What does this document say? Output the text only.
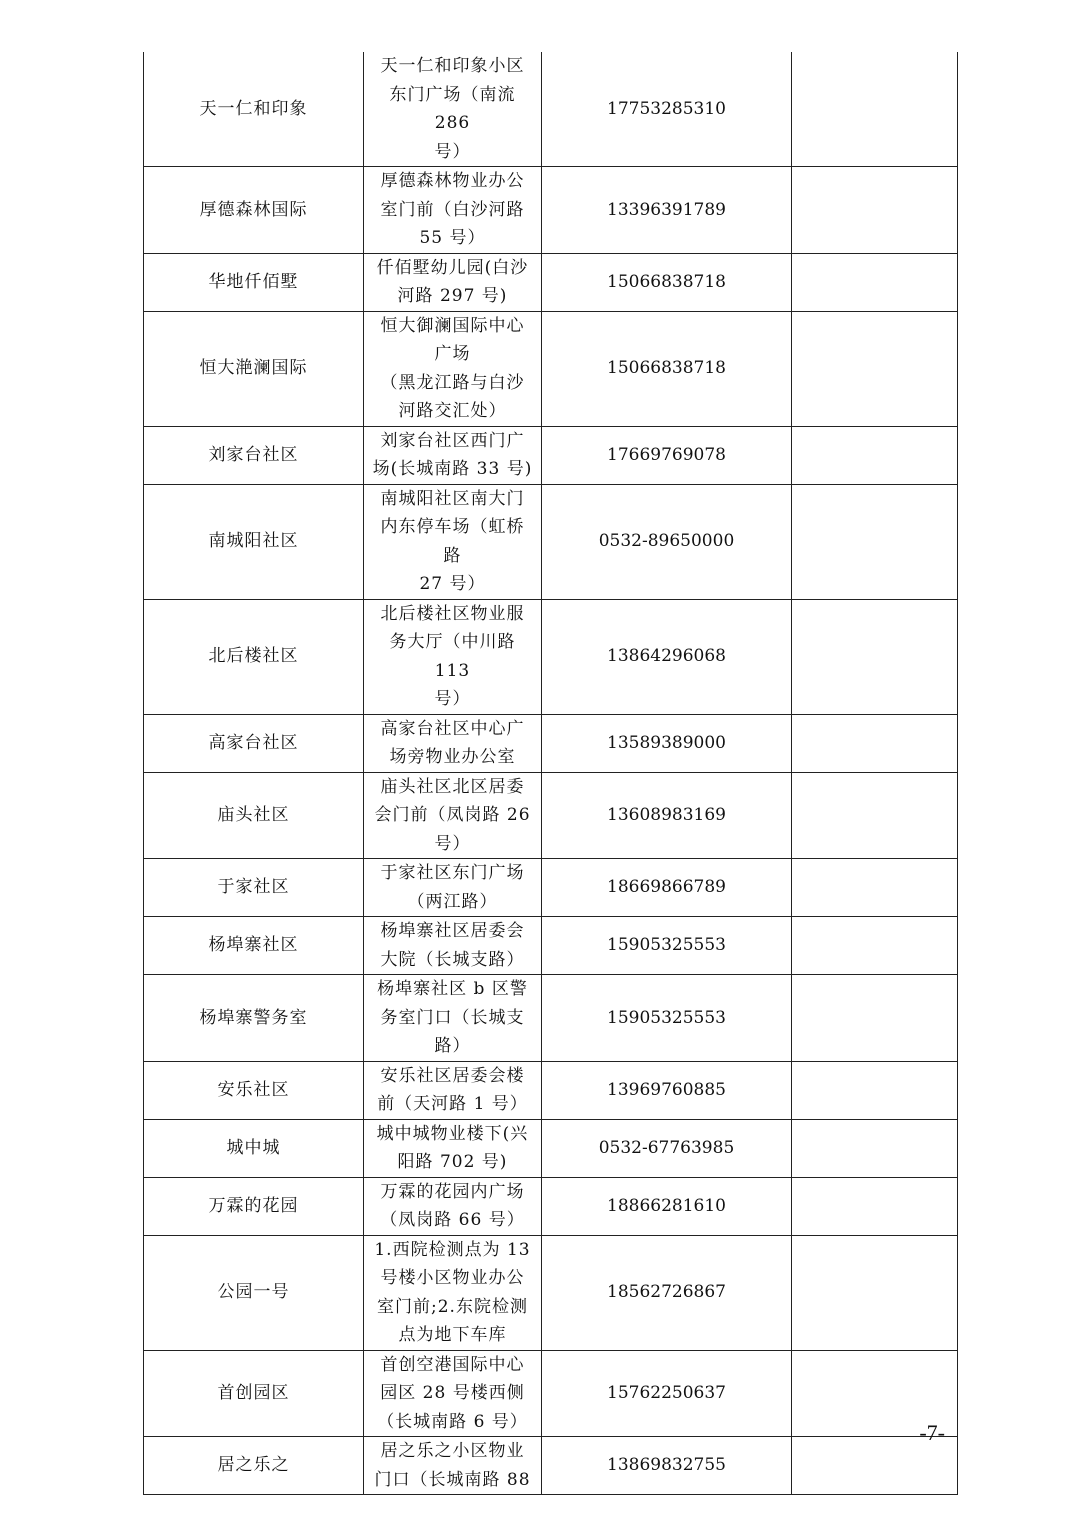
天一仁和印象	天一仁和印象小区
东门广场（南流 286
号）	17753285310	
厚德森林国际	厚德森林物业办公
室门前（白沙河路
55 号）	13396391789	
华地仟佰墅	仟佰墅幼儿园(白沙
河路 297 号)	15066838718	
恒大滟澜国际	恒大御澜国际中心
广场
（黑龙江路与白沙
河路交汇处）	15066838718	
刘家台社区	刘家台社区西门广
场(长城南路 33 号)	17669769078	
南城阳社区	南城阳社区南大门
内东停车场（虹桥路
27 号）	0532-89650000	
北后楼社区	北后楼社区物业服
务大厅（中川路 113
号）	13864296068	
高家台社区	高家台社区中心广
场旁物业办公室	13589389000	
庙头社区	庙头社区北区居委
会门前（凤岗路 26
号）	13608983169	
于家社区	于家社区东门广场
（两江路）	18669866789	
杨埠寨社区	杨埠寨社区居委会
大院（长城支路）	15905325553	
杨埠寨警务室	杨埠寨社区 b 区警
务室门口（长城支
路）	15905325553	
安乐社区	安乐社区居委会楼
前（天河路 1 号）	13969760885	
城中城	城中城物业楼下(兴
阳路 702 号)	0532-67763985	
万霖的花园	万霖的花园内广场
（凤岗路 66 号）	18866281610	
公园一号	1.西院检测点为 13
号楼小区物业办公
室门前;2.东院检测
点为地下车库	18562726867	
首创园区	首创空港国际中心
园区 28 号楼西侧
（长城南路 6 号）	15762250637	
居之乐之	居之乐之小区物业
门口（长城南路 88	13869832755	
-7-
